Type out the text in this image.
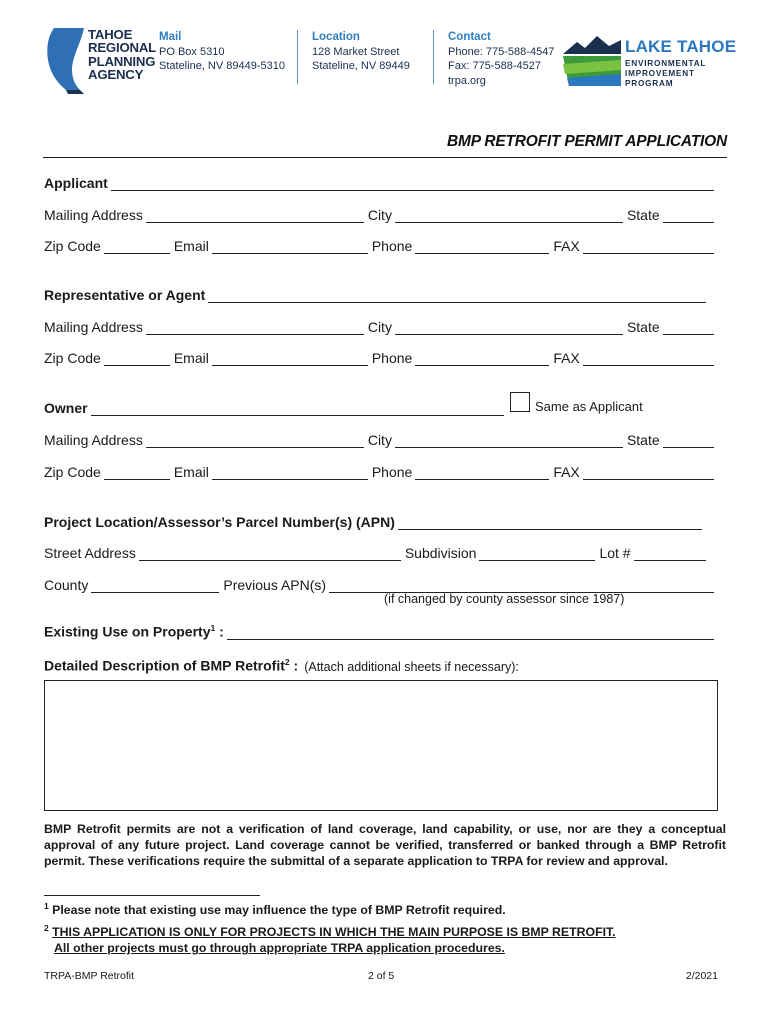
TAHOE
REGIONAL
PLANNING
AGENCY
Mail
PO Box 5310
Stateline, NV 89449-5310
Location
128 Market Street
Stateline, NV 89449
Contact
Phone: 775-588-4547
Fax: 775-588-4527
trpa.org
LAKE TAHOE
ENVIRONMENTAL
IMPROVEMENT
PROGRAM
BMP RETROFIT PERMIT APPLICATION
Applicant
Mailing Address	City	State
Zip Code	Email	Phone	FAX
Representative or Agent
Mailing Address	City	State
Zip Code	Email	Phone	FAX
Owner	Same as Applicant
Mailing Address	City	State
Zip Code	Email	Phone	FAX
Project Location/Assessor’s Parcel Number(s) (APN)
Street Address	Subdivision	Lot #
County	Previous APN(s)
(if changed by county assessor since 1987)
Existing Use on Property$^1$ :
Detailed Description of BMP Retrofit$^2$ : (Attach additional sheets if necessary):
BMP Retrofit permits are not a verification of land coverage, land capability, or use, nor are they a conceptual approval of any future project. Land coverage cannot be verified, transferred or banked through a BMP Retrofit permit. These verifications require the submittal of a separate application to TRPA for review and approval.
$^1$ Please note that existing use may influence the type of BMP Retrofit required.
$^2$ THIS APPLICATION IS ONLY FOR PROJECTS IN WHICH THE MAIN PURPOSE IS BMP RETROFIT.
All other projects must go through appropriate TRPA application procedures.
TRPA-BMP Retrofit	2 of 5	2/2021
